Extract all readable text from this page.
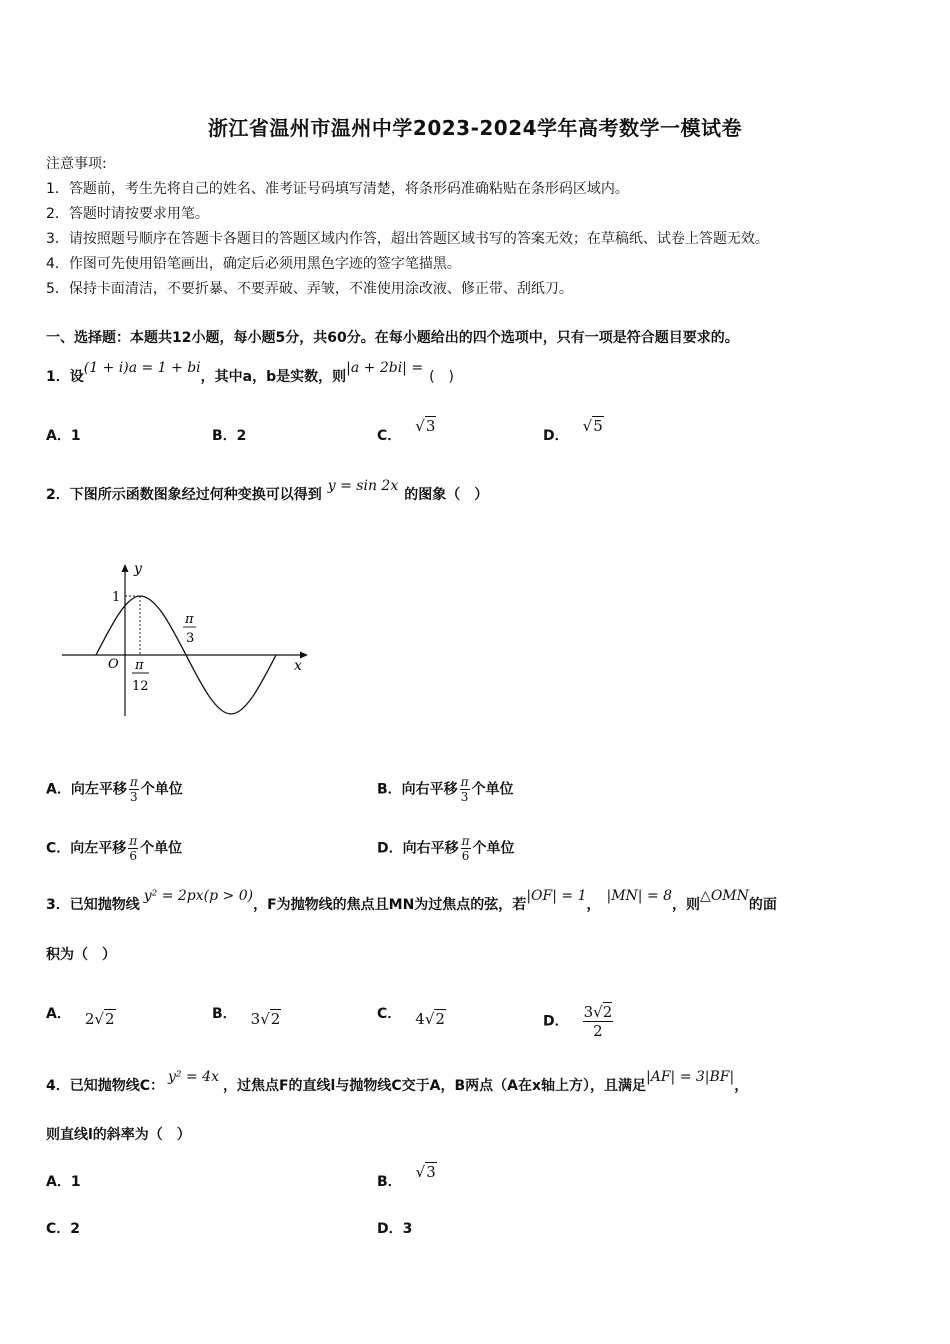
浙江省温州市温州中学2023-2024学年高考数学一模试卷
注意事项:
1．答题前，考生先将自己的姓名、准考证号码填写清楚，将条形码准确粘贴在条形码区域内。
2．答题时请按要求用笔。
3．请按照题号顺序在答题卡各题目的答题区域内作答，超出答题区域书写的答案无效；在草稿纸、试卷上答题无效。
4．作图可先使用铅笔画出，确定后必须用黑色字迹的签字笔描黑。
5．保持卡面清洁，不要折暴、不要弄破、弄皱，不准使用涂改液、修正带、刮纸刀。
一、选择题：本题共12小题，每小题5分，共60分。在每小题给出的四个选项中，只有一项是符合题目要求的。
1．设(1 + i)a = 1 + bi，其中a，b是实数，则|a + 2bi| =(　)
A．1	B．2	C．√3
D．√5
2．下图所示函数图象经过何种变换可以得到y = sin 2x的图象（　）
y
x
O
1
π
12
π
3
A．向左平移 $\frac{\pi}{3}$ 个单位	B．向右平移 $\frac{\pi}{3}$ 个单位
C．向左平移 $\frac{\pi}{6}$ 个单位	D．向右平移 $\frac{\pi}{6}$ 个单位
3．已知抛物线y² = 2px(p > 0)，F为抛物线的焦点且MN为过焦点的弦，若|OF| = 1，|MN| = 8，则△OMN的面
积为（　）
A． 2√2	B． 3√2	C． 4√2	D． $\frac{3√2}{2}$
4．已知抛物线C：y² = 4x，过焦点F的直线l与抛物线C交于A，B两点（A在x轴上方），且满足|AF| = 3|BF|，
则直线l的斜率为（　）
A．1	B．√3
C．2	D．3
